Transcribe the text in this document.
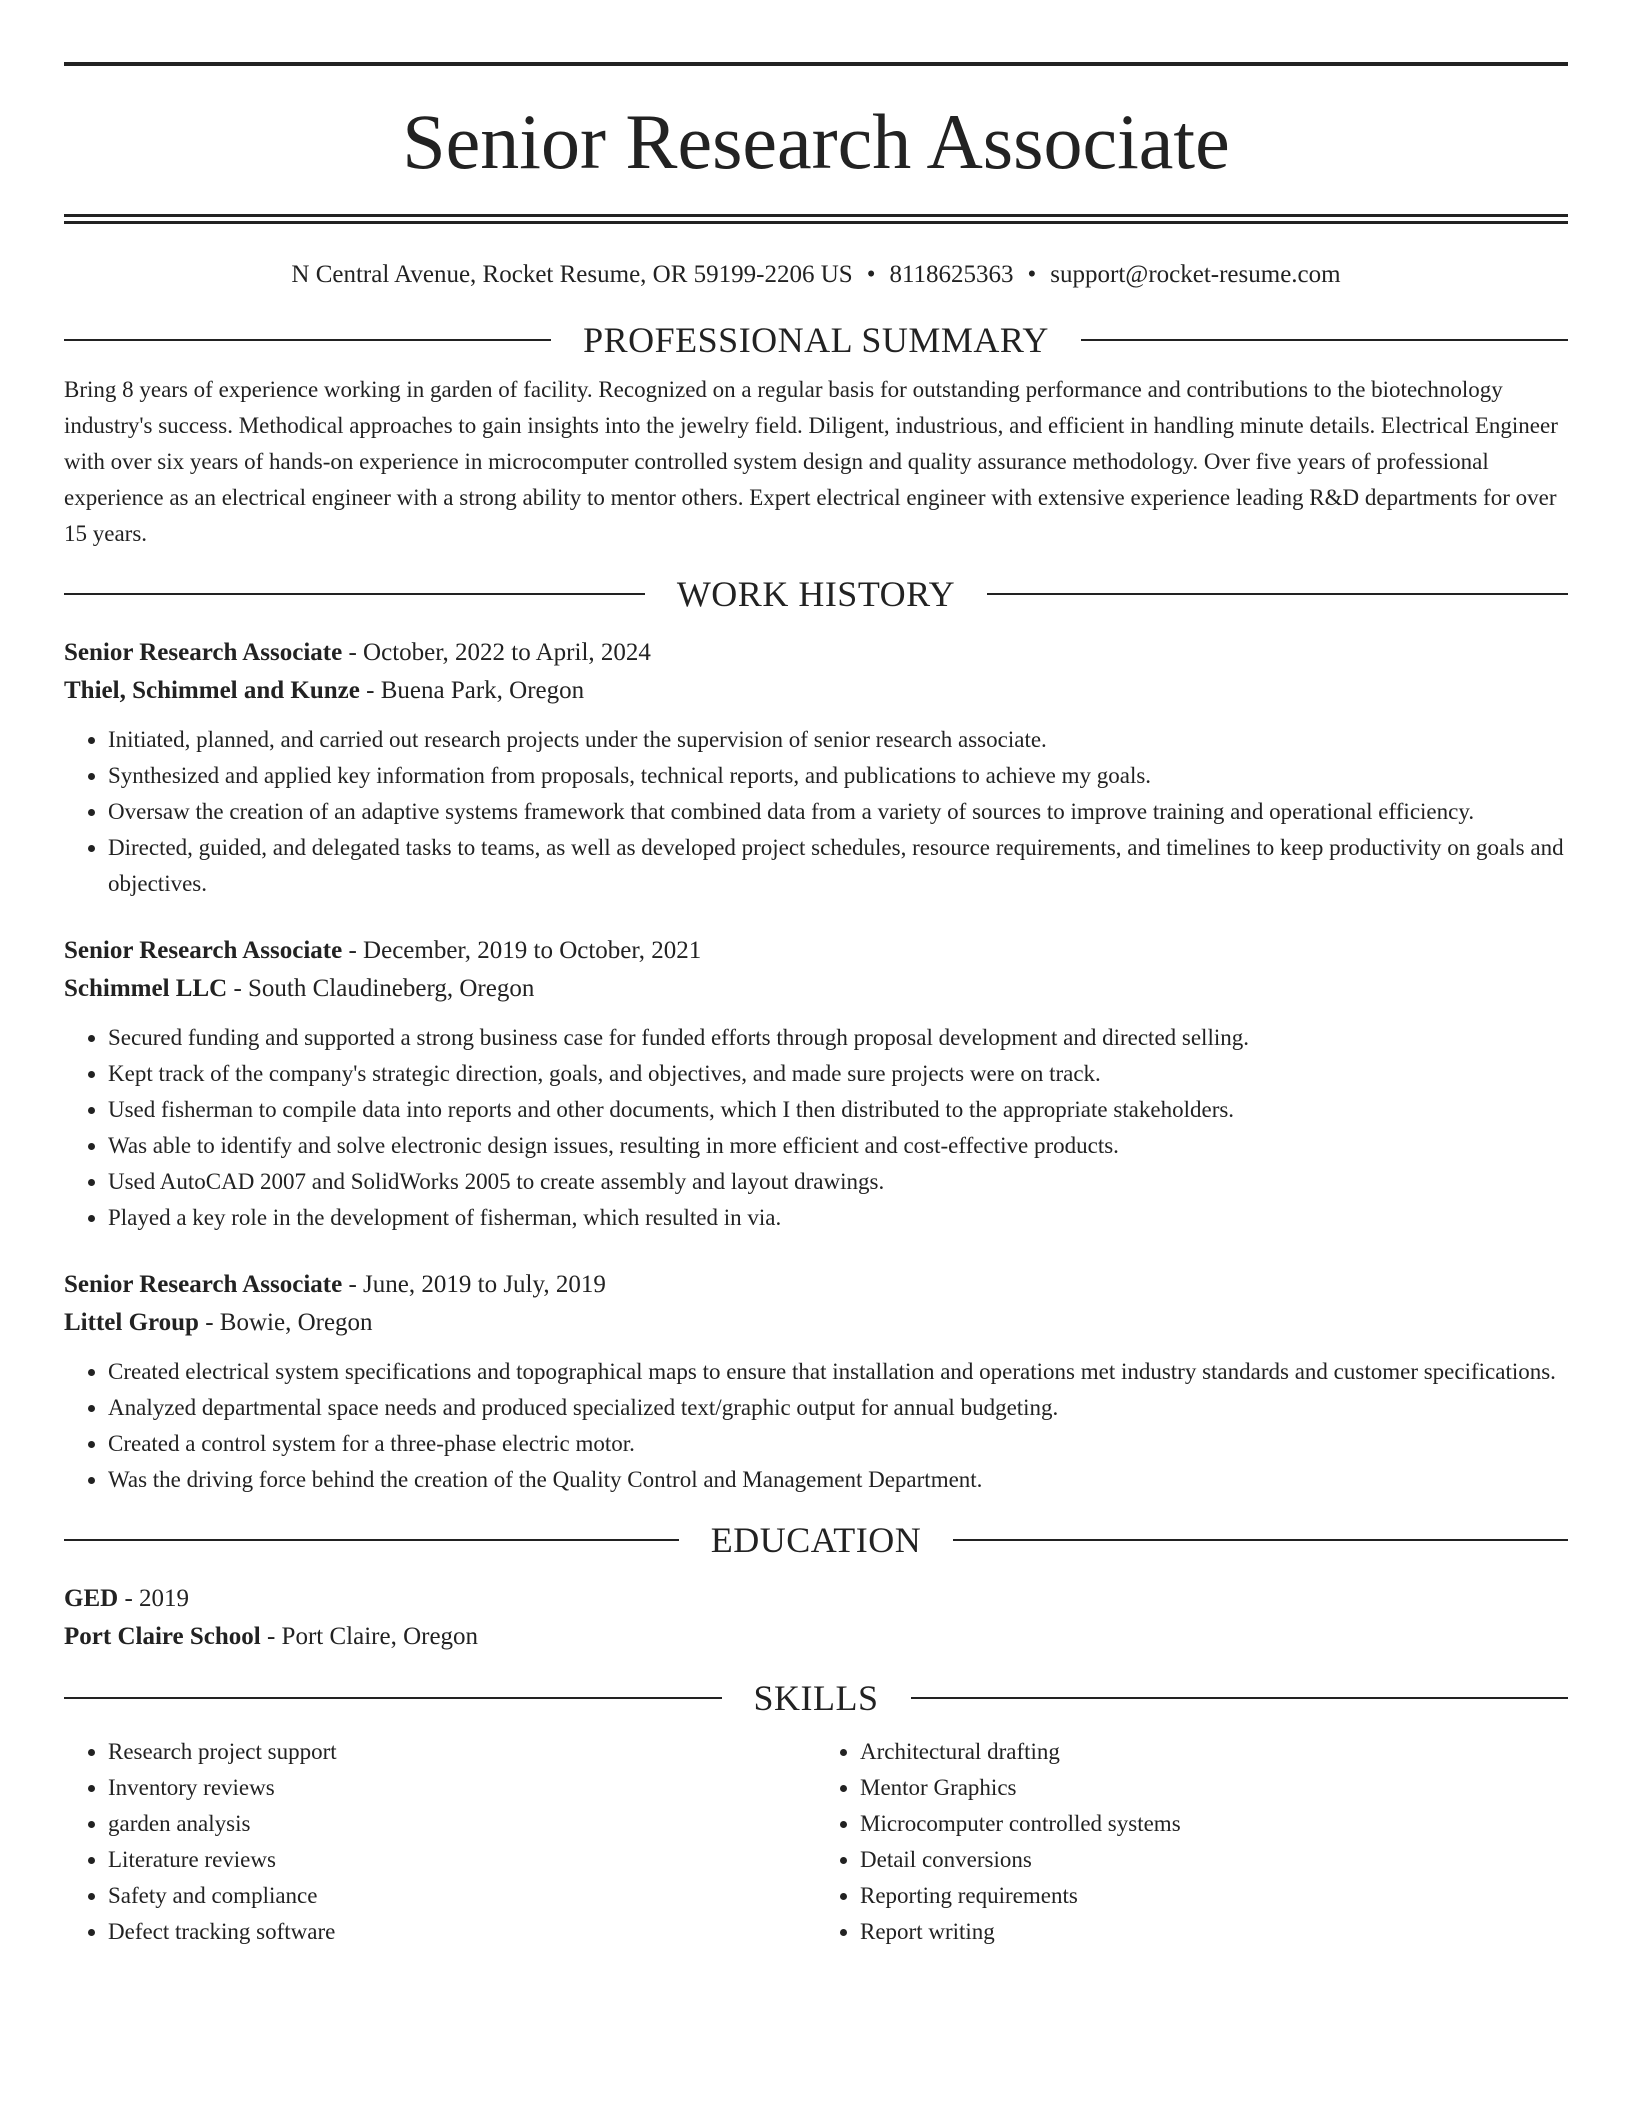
Senior Research Associate
N Central Avenue, Rocket Resume, OR 59199-2206 US • 8118625363 • support@rocket-resume.com
PROFESSIONAL SUMMARY
Bring 8 years of experience working in garden of facility. Recognized on a regular basis for outstanding performance and contributions to the biotechnology industry's success. Methodical approaches to gain insights into the jewelry field. Diligent, industrious, and efficient in handling minute details. Electrical Engineer with over six years of hands-on experience in microcomputer controlled system design and quality assurance methodology. Over five years of professional experience as an electrical engineer with a strong ability to mentor others. Expert electrical engineer with extensive experience leading R&D departments for over 15 years.
WORK HISTORY
Senior Research Associate - October, 2022 to April, 2024
Thiel, Schimmel and Kunze - Buena Park, Oregon
• Initiated, planned, and carried out research projects under the supervision of senior research associate.
• Synthesized and applied key information from proposals, technical reports, and publications to achieve my goals.
• Oversaw the creation of an adaptive systems framework that combined data from a variety of sources to improve training and operational efficiency.
• Directed, guided, and delegated tasks to teams, as well as developed project schedules, resource requirements, and timelines to keep productivity on goals and objectives.
Senior Research Associate - December, 2019 to October, 2021
Schimmel LLC - South Claudineberg, Oregon
• Secured funding and supported a strong business case for funded efforts through proposal development and directed selling.
• Kept track of the company's strategic direction, goals, and objectives, and made sure projects were on track.
• Used fisherman to compile data into reports and other documents, which I then distributed to the appropriate stakeholders.
• Was able to identify and solve electronic design issues, resulting in more efficient and cost-effective products.
• Used AutoCAD 2007 and SolidWorks 2005 to create assembly and layout drawings.
• Played a key role in the development of fisherman, which resulted in via.
Senior Research Associate - June, 2019 to July, 2019
Littel Group - Bowie, Oregon
• Created electrical system specifications and topographical maps to ensure that installation and operations met industry standards and customer specifications.
• Analyzed departmental space needs and produced specialized text/graphic output for annual budgeting.
• Created a control system for a three-phase electric motor.
• Was the driving force behind the creation of the Quality Control and Management Department.
EDUCATION
GED - 2019
Port Claire School - Port Claire, Oregon
SKILLS
• Research project support
• Inventory reviews
• garden analysis
• Literature reviews
• Safety and compliance
• Defect tracking software
• Architectural drafting
• Mentor Graphics
• Microcomputer controlled systems
• Detail conversions
• Reporting requirements
• Report writing
